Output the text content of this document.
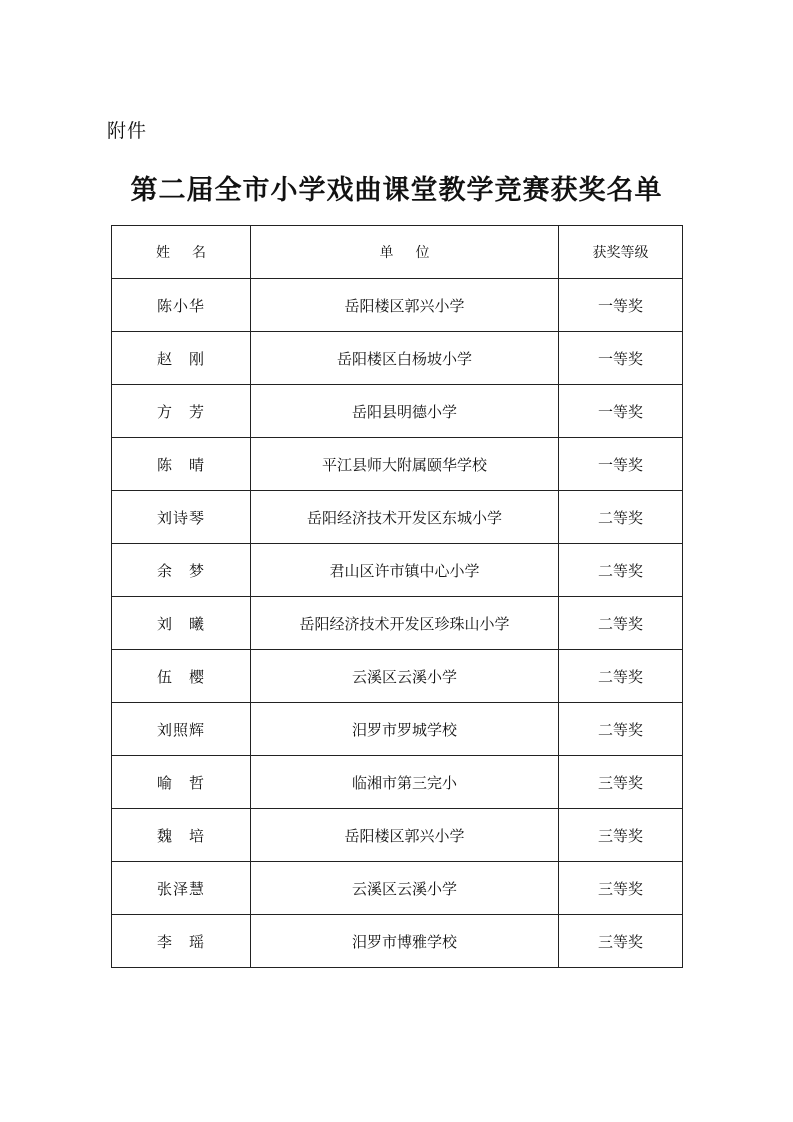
附件
第二届全市小学戏曲课堂教学竞赛获奖名单
姓名	单位	获奖等级
陈小华	岳阳楼区郭兴小学	一等奖
赵　刚	岳阳楼区白杨坡小学	一等奖
方　芳	岳阳县明德小学	一等奖
陈　晴	平江县师大附属颐华学校	一等奖
刘诗琴	岳阳经济技术开发区东城小学	二等奖
余　梦	君山区许市镇中心小学	二等奖
刘　曦	岳阳经济技术开发区珍珠山小学	二等奖
伍　樱	云溪区云溪小学	二等奖
刘照辉	汨罗市罗城学校	二等奖
喻　哲	临湘市第三完小	三等奖
魏　培	岳阳楼区郭兴小学	三等奖
张泽慧	云溪区云溪小学	三等奖
李　瑶	汨罗市博雅学校	三等奖
